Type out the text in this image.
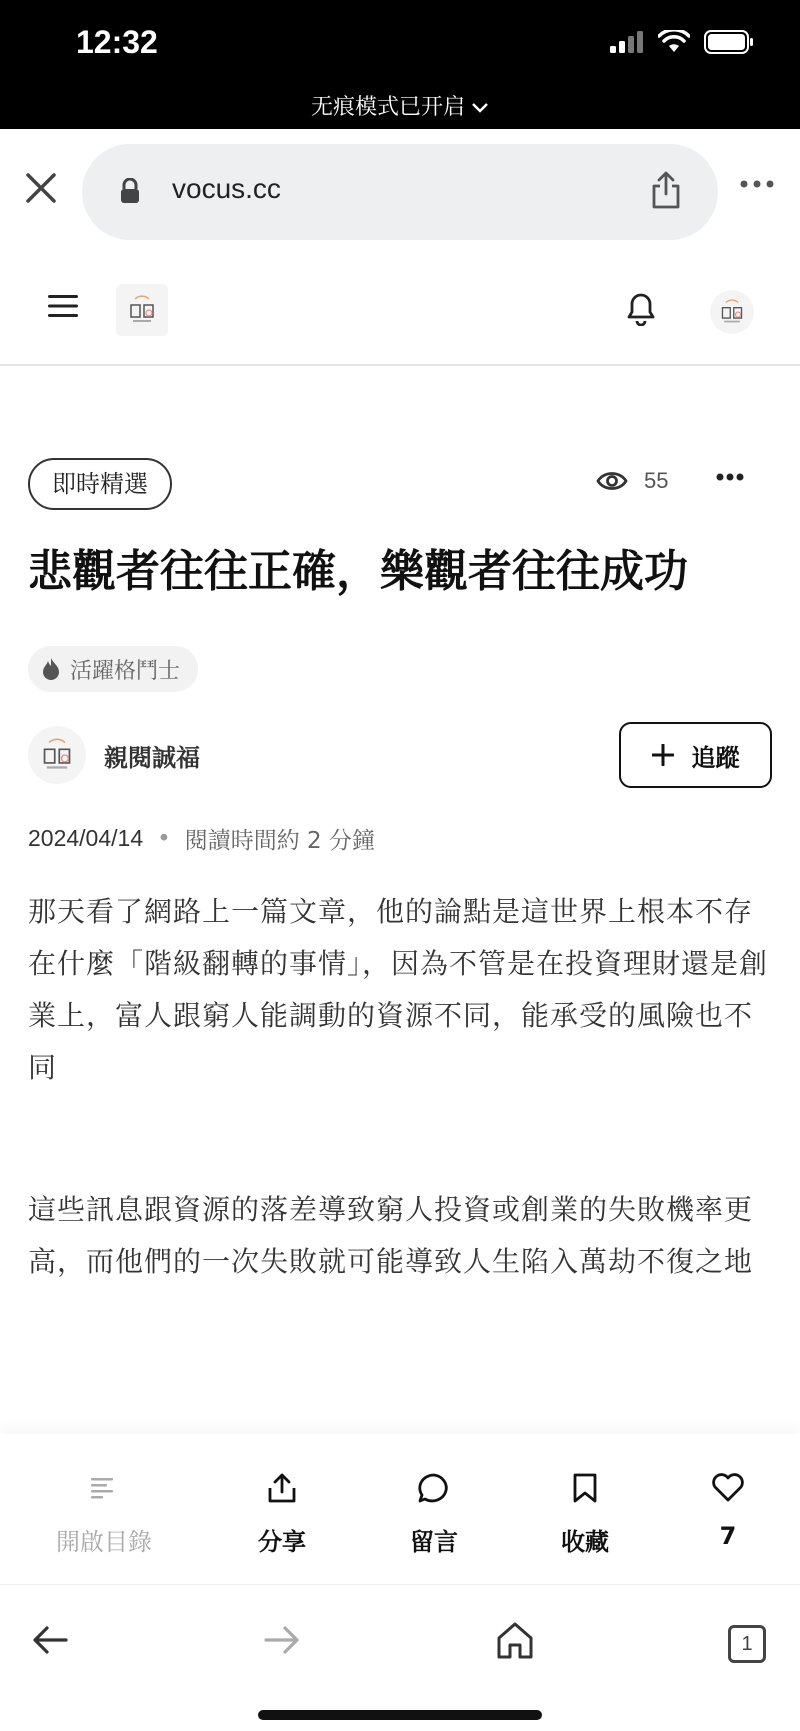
12:32
无痕模式已开启
vocus.cc
即時精選	55
悲觀者往往正確，樂觀者往往成功
活躍格鬥士
親閱誠福	追蹤
2024/04/14 • 閱讀時間約 2 分鐘

那天看了網路上一篇文章，他的論點是這世界上根本不存在什麼「階級翻轉的事情」，因為不管是在投資理財還是創業上，富人跟窮人能調動的資源不同，能承受的風險也不同

這些訊息跟資源的落差導致窮人投資或創業的失敗機率更高，而他們的一次失敗就可能導致人生陷入萬劫不復之地

開啟目錄	分享	留言	收藏	7
1
